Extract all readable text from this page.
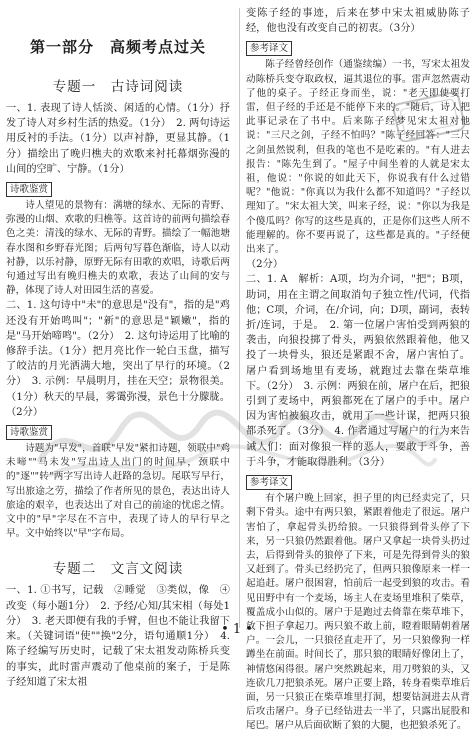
第一部分　高频考点过关
专题一　古诗词阅读

一、1. 表现了诗人恬淡、闲适的心情。（1分）抒发了诗人对乡村生活的热爱。（1分）　2. 两句诗运用反衬的手法。（1分）以声衬静，更显其静。（1分）描绘出了晚归樵夫的欢歌来衬托幕烟弥漫的山间的空旷、宁静。（1分）

诗歌鉴赏

诗人望见的景物有：满塘的绿水、无际的青野、弥漫的山烟、欢歌的归樵等。这首诗的前两句描绘春色之美：清浅的绿水、无际的青野。描绘了一幅池塘春水图和乡野春光图；后两句写暮色渐临，诗人以动衬静，以乐衬静，原野无际有田歌的欢唱，诗歌后两句通过写出有晚归樵夫的欢歌，表达了山间的安与静，体现了诗人对田园生活的喜爱。

二、1. 这句诗中"未"的意思是"没有"，指的是"鸡还没有开始鸣叫"；"新"的意思是"颖嫩"，指的是"马开始啼鸣"。（2分）　2. 这句诗运用了比喻的修辞手法。（1分）把月亮比作一轮白玉盘，描写了皎洁的月光洒满大地，突出了早行的环境。（2分）　3. 示例：早晨明月，挂在天空；景物很美。（1分）秋天的早晨，雾霭弥漫，景色十分朦胧。（2分）

诗歌鉴赏

诗题为"早发"，首联"早发"紧扣诗题，领联中"鸡未啼""马未发"写出诗人出门的时间早，颈联中的"逐""转"两字写出诗人赶路的急切。尾联写早行，写出旅途之劳，描绘了作者所见的景色，表达出诗人旅途的艰辛，也表达出了对自己的前途的忧虑之情。文中的"早"字尽在不言中，表现了诗人的早行早之早。文中始终以"早"字布局。

专题二　文言文阅读

一、1. ①书写，记载　②睡觉　③类似，像　④改变（每小题1分）　2. 予经/心知/其宋相（每处1分）　3. 老天即便有我的手臂，但也不能让我留下来。（关键词语"使""换"2分，语句通顺1分）　4. 陈子经编写历史时，记载了宋太祖发动陈桥兵变的事实，此时雷声震动了他桌前的案子，于是陈子经知道了宋太祖

变陈子经的事迹，后来在梦中宋太祖威胁陈子经，他也没有改变自己的初衷。（3分）

参考译文

陈子经曾经创作（通鉴续编）一书，写宋太祖发动陈桥兵变夺取政权，逼其退位的事。雷声忽然震动了他的桌子。子经正身而坐，说："老天即使要打雷，但子经的手还是不能停下来的。"随后，诗人把此事记录在了书中。后来陈子经梦见宋太祖对他说："三尺之剑，子经不怕吗？"陈子经回答："三尺之剑虽然锐利，但我的笔也不是吃素的。"有人进去报告："陈先生到了。"屋子中间坐着的人就是宋太祖，他说："你说的如此天下，你说我有什么过错呢？"他说："你真以为我什么都不知道吗？"子经以理知了。"宋太祖大笑，叫来子经，说："你以为我是个傻瓜吗？你写的这些是真的，正是你们这些人所不能理解的。你不要再说了，这些都是真的。"子经便出来了。

（2分）
二、1. A　解析：A项，均为介词，"把"；B项，助词，用在主谓之间取消句子独立性/代词，代指他；C项，介词，在/介词，向；D项，副词，表转折/连词，于是。　2. 第一位屠户害怕受到两狼的袭击，向狼投掷了骨头，两狼依然跟着他，他又投了一块骨头，狼还是紧跟不舍，屠户害怕了。屠户看到场地里有麦场，就跑过去靠在柴草堆下。（2分）　3. 示例：两狼在前，屠户在后，把狼引到了麦场中，两狼都死在了屠户的手中。屠户因为害怕被狼攻击，就用了一些计谋，把两只狼都杀死了。（3分）　4. 作者通过写屠户的行为来告诫人们：面对像狼一样的恶人，要敢于斗争，善于斗争，才能取得胜利。（3分）

参考译文

有个屠户晚上回家，担子里的肉已经卖完了，只剩下骨头。途中有两只狼，紧跟着他走了很远。屠户害怕了，拿起骨头扔给狼。一只狼得到骨头停了下来，另一只狼仍然跟着他。屠户又拿起一块骨头扔过去，后得到骨头的狼停了下来，可是先得到骨头的狼又赶到了。骨头已经扔完了，但两只狼像原来一样一起追赶。屠户很困窘，怕前后一起受到狼的攻击。看见田野中有一个麦场，场主人在麦场里堆积了柴草，覆盖成小山似的。屠户于是跑过去倚靠在柴草堆下，放下担子拿起刀。两只狼不敢上前，瞪着眼睛朝着屠户。一会儿，一只狼径直走开了，另一只狼像狗一样蹲坐在前面。时间长了，那只狼的眼睛好像闭上了，神情悠闲得很。屠户突然跳起来，用刀劈狼的头，又连砍几刀把狼杀死。屠户正要上路，转身看柴草堆后面，另一只狼正在柴草堆里打洞，想要钻洞进去从背后攻击屠户。身子已经钻进去一半了，只露出屁股和尾巴。屠户从后面砍断了狼的大腿，也把狼杀死了。

• 1 •
